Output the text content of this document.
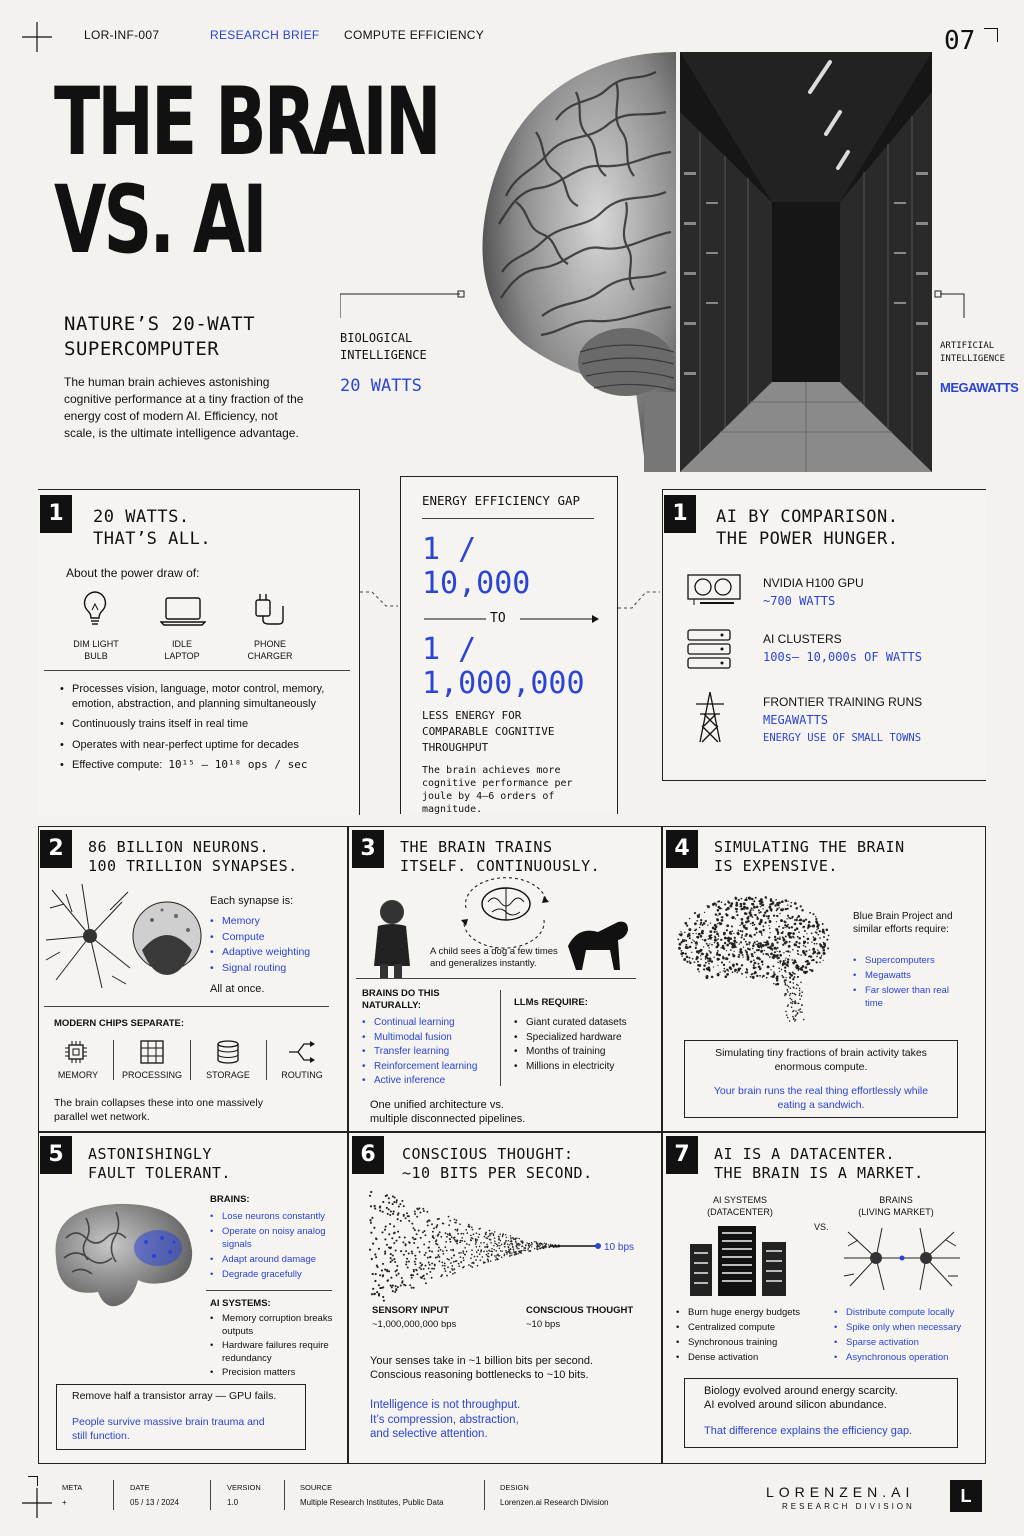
LOR-INF-007	RESEARCH BRIEF COMPUTE EFFICIENCY	07
THE BRAIN
VS. AI
NATURE’S 20-WATT
SUPERCOMPUTER
The human brain achieves astonishing cognitive performance at a tiny fraction of the energy cost of modern AI. Efficiency, not scale, is the ultimate intelligence advantage.
BIOLOGICAL
INTELLIGENCE
20 WATTS
ARTIFICIAL
INTELLIGENCE
MEGAWATTS
1	20 WATTS.
THAT’S ALL.
About the power draw of:
DIM LIGHT
BULB
IDLE
LAPTOP
PHONE
CHARGER
• Processes vision, language, motor control, memory, emotion, abstraction, and planning simultaneously
• Continuously trains itself in real time
• Operates with near-perfect uptime for decades
• Effective compute: 10¹⁵ – 10¹⁸ ops / sec
ENERGY EFFICIENCY GAP
1 /
10,000
TO
1 /
1,000,000
LESS ENERGY FOR
COMPARABLE COGNITIVE
THROUGHPUT
The brain achieves more cognitive performance per joule by 4–6 orders of magnitude.
1	AI BY COMPARISON.
THE POWER HUNGER.
NVIDIA H100 GPU
~700 WATTS
AI CLUSTERS
100s– 10,000s OF WATTS
FRONTIER TRAINING RUNS
MEGAWATTS
ENERGY USE OF SMALL TOWNS
2	86 BILLION NEURONS.
100 TRILLION SYNAPSES.
Each synapse is:
• Memory
• Compute
• Adaptive weighting
• Signal routing
All at once.
MODERN CHIPS SEPARATE:
MEMORY	PROCESSING	STORAGE	ROUTING
The brain collapses these into one massively parallel wet network.
3	THE BRAIN TRAINS
ITSELF. CONTINUOUSLY.
A child sees a dog a few times
and generalizes instantly.
BRAINS DO THIS
NATURALLY:
• Continual learning
• Multimodal fusion
• Transfer learning
• Reinforcement learning
• Active inference
LLMs REQUIRE:
• Giant curated datasets
• Specialized hardware
• Months of training
• Millions in electricity
One unified architecture vs.
multiple disconnected pipelines.
4	SIMULATING THE BRAIN
IS EXPENSIVE.
Blue Brain Project and similar efforts require:
• Supercomputers
• Megawatts
• Far slower than real time
Simulating tiny fractions of brain activity takes enormous compute.
Your brain runs the real thing effortlessly while eating a sandwich.
5	ASTONISHINGLY
FAULT TOLERANT.
BRAINS:
• Lose neurons constantly
• Operate on noisy analog signals
• Adapt around damage
• Degrade gracefully
AI SYSTEMS:
• Memory corruption breaks outputs
• Hardware failures require redundancy
• Precision matters
Remove half a transistor array — GPU fails.
People survive massive brain trauma and still function.
6	CONSCIOUS THOUGHT:
~10 BITS PER SECOND.
10 bps
SENSORY INPUT
~1,000,000,000 bps
CONSCIOUS THOUGHT
~10 bps
Your senses take in ~1 billion bits per second. Conscious reasoning bottlenecks to ~10 bits.
Intelligence is not throughput.
It’s compression, abstraction,
and selective attention.
7	AI IS A DATACENTER.
THE BRAIN IS A MARKET.
AI SYSTEMS
(DATACENTER)
VS.
BRAINS
(LIVING MARKET)
• Burn huge energy budgets
• Centralized compute
• Synchronous training
• Dense activation
• Distribute compute locally
• Spike only when necessary
• Sparse activation
• Asynchronous operation
Biology evolved around energy scarcity.
AI evolved around silicon abundance.
That difference explains the efficiency gap.
META
+
DATE
05 / 13 / 2024
VERSION
1.0
SOURCE
Multiple Research Institutes, Public Data
DESIGN
Lorenzen.ai Research Division
LORENZEN.AI
RESEARCH DIVISION
L
